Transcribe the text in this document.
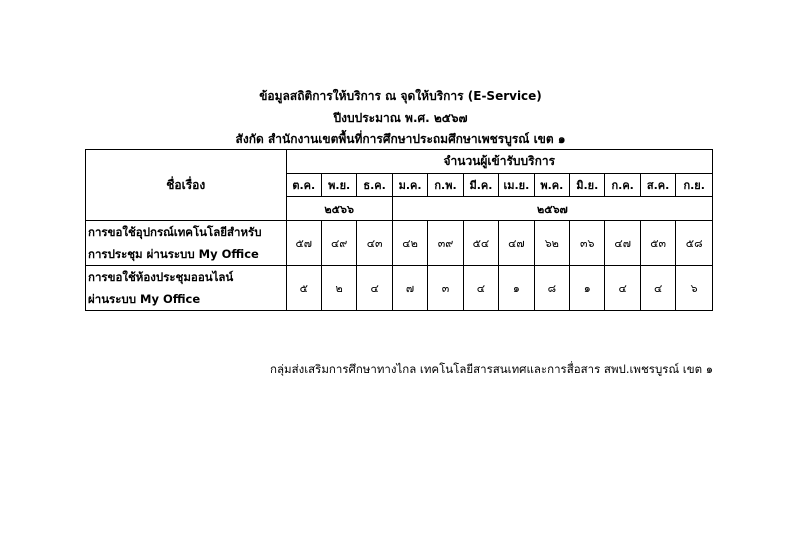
ข้อมูลสถิติการให้บริการ ณ จุดให้บริการ (E-Service)
ปีงบประมาณ พ.ศ. ๒๕๖๗
สังกัด สำนักงานเขตพื้นที่การศึกษาประถมศึกษาเพชรบูรณ์ เขต ๑
ชื่อเรื่อง	จำนวนผู้เข้ารับบริการ											
	ต.ค.	พ.ย.	ธ.ค.	ม.ค.	ก.พ.	มี.ค.	เม.ย.	พ.ค.	มิ.ย.	ก.ค.	ส.ค.	ก.ย.
	๒๕๖๖			๒๕๖๗								

การขอใช้อุปกรณ์เทคโนโลยีสำหรับ
การประชุม ผ่านระบบ My Office	๕๗	๔๙	๔๓	๔๒	๓๙	๕๔	๔๗	๖๒	๓๖	๔๗	๕๓	๕๘

การขอใช้ห้องประชุมออนไลน์
ผ่านระบบ My Office	๕	๒	๔	๗	๓	๔	๑	๘	๑	๔	๔	๖
กลุ่มส่งเสริมการศึกษาทางไกล เทคโนโลยีสารสนเทศและการสื่อสาร สพป.เพชรบูรณ์ เขต ๑
